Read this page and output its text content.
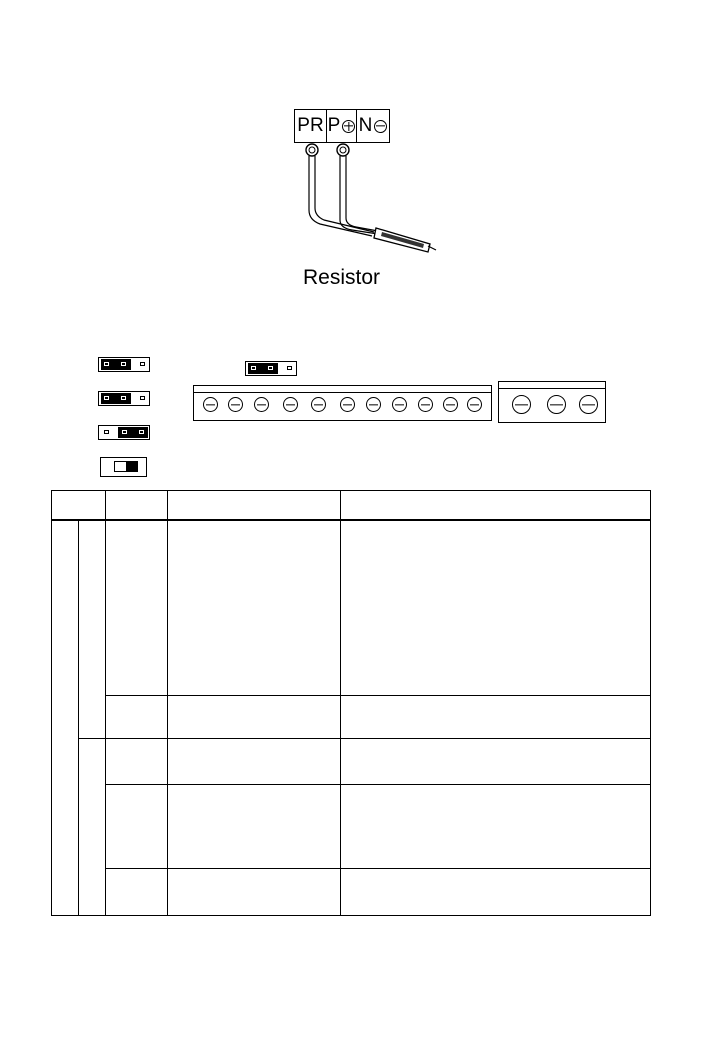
PR P N
Resistor
